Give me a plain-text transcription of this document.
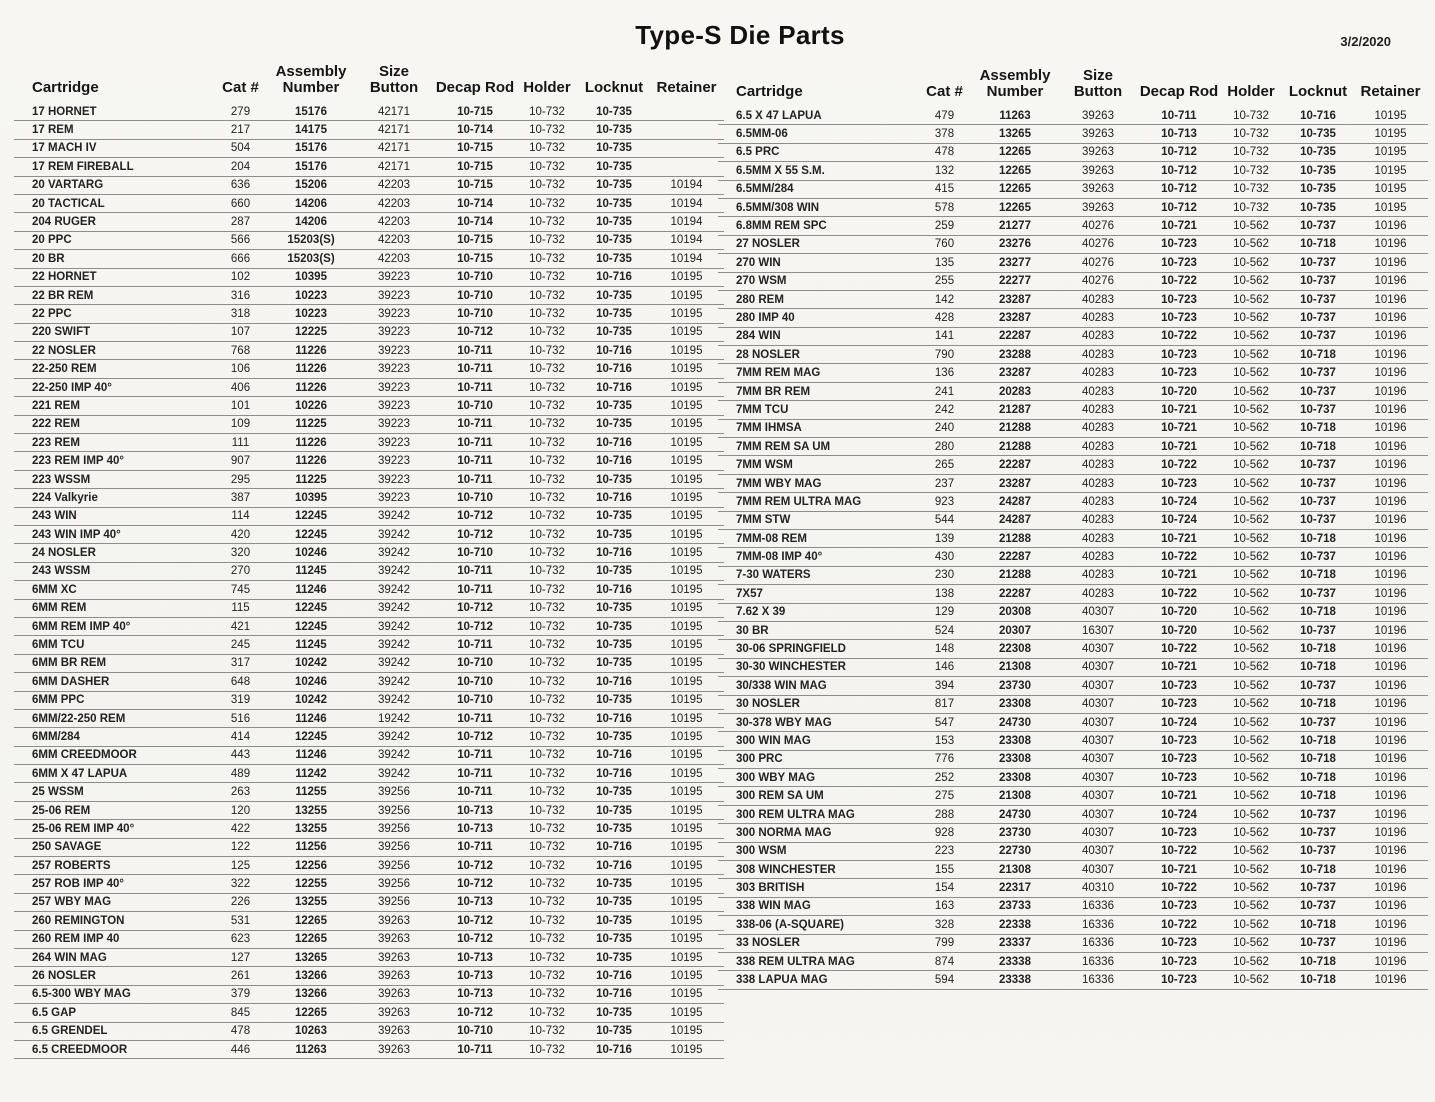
Type-S Die Parts	3/2/2020
Cartridge	Cat #	Assembly Number	Size Button	Decap Rod	Holder	Locknut	Retainer
17 HORNET	279	15176	42171	10-715	10-732	10-735	
17 REM	217	14175	42171	10-714	10-732	10-735	
17 MACH IV	504	15176	42171	10-715	10-732	10-735	
17 REM FIREBALL	204	15176	42171	10-715	10-732	10-735	
20 VARTARG	636	15206	42203	10-715	10-732	10-735	10194
20 TACTICAL	660	14206	42203	10-714	10-732	10-735	10194
204 RUGER	287	14206	42203	10-714	10-732	10-735	10194
20 PPC	566	15203(S)	42203	10-715	10-732	10-735	10194
20 BR	666	15203(S)	42203	10-715	10-732	10-735	10194
22 HORNET	102	10395	39223	10-710	10-732	10-716	10195
22 BR REM	316	10223	39223	10-710	10-732	10-735	10195
22 PPC	318	10223	39223	10-710	10-732	10-735	10195
220 SWIFT	107	12225	39223	10-712	10-732	10-735	10195
22 NOSLER	768	11226	39223	10-711	10-732	10-716	10195
22-250 REM	106	11226	39223	10-711	10-732	10-716	10195
22-250 IMP 40°	406	11226	39223	10-711	10-732	10-716	10195
221 REM	101	10226	39223	10-710	10-732	10-735	10195
222 REM	109	11225	39223	10-711	10-732	10-735	10195
223 REM	111	11226	39223	10-711	10-732	10-716	10195
223 REM IMP 40°	907	11226	39223	10-711	10-732	10-716	10195
223 WSSM	295	11225	39223	10-711	10-732	10-735	10195
224 Valkyrie	387	10395	39223	10-710	10-732	10-716	10195
243 WIN	114	12245	39242	10-712	10-732	10-735	10195
243 WIN IMP 40°	420	12245	39242	10-712	10-732	10-735	10195
24 NOSLER	320	10246	39242	10-710	10-732	10-716	10195
243 WSSM	270	11245	39242	10-711	10-732	10-735	10195
6MM XC	745	11246	39242	10-711	10-732	10-716	10195
6MM REM	115	12245	39242	10-712	10-732	10-735	10195
6MM REM IMP 40°	421	12245	39242	10-712	10-732	10-735	10195
6MM TCU	245	11245	39242	10-711	10-732	10-735	10195
6MM BR REM	317	10242	39242	10-710	10-732	10-735	10195
6MM DASHER	648	10246	39242	10-710	10-732	10-716	10195
6MM PPC	319	10242	39242	10-710	10-732	10-735	10195
6MM/22-250 REM	516	11246	19242	10-711	10-732	10-716	10195
6MM/284	414	12245	39242	10-712	10-732	10-735	10195
6MM CREEDMOOR	443	11246	39242	10-711	10-732	10-716	10195
6MM X 47 LAPUA	489	11242	39242	10-711	10-732	10-716	10195
25 WSSM	263	11255	39256	10-711	10-732	10-735	10195
25-06 REM	120	13255	39256	10-713	10-732	10-735	10195
25-06 REM IMP 40°	422	13255	39256	10-713	10-732	10-735	10195
250 SAVAGE	122	11256	39256	10-711	10-732	10-716	10195
257 ROBERTS	125	12256	39256	10-712	10-732	10-716	10195
257 ROB IMP 40°	322	12255	39256	10-712	10-732	10-735	10195
257 WBY MAG	226	13255	39256	10-713	10-732	10-735	10195
260 REMINGTON	531	12265	39263	10-712	10-732	10-735	10195
260 REM IMP 40	623	12265	39263	10-712	10-732	10-735	10195
264 WIN MAG	127	13265	39263	10-713	10-732	10-735	10195
26 NOSLER	261	13266	39263	10-713	10-732	10-716	10195
6.5-300 WBY MAG	379	13266	39263	10-713	10-732	10-716	10195
6.5 GAP	845	12265	39263	10-712	10-732	10-735	10195
6.5 GRENDEL	478	10263	39263	10-710	10-732	10-735	10195
6.5 CREEDMOOR	446	11263	39263	10-711	10-732	10-716	10195
Cartridge	Cat #	Assembly Number	Size Button	Decap Rod	Holder	Locknut	Retainer
6.5 X 47 LAPUA	479	11263	39263	10-711	10-732	10-716	10195
6.5MM-06	378	13265	39263	10-713	10-732	10-735	10195
6.5 PRC	478	12265	39263	10-712	10-732	10-735	10195
6.5MM X 55 S.M.	132	12265	39263	10-712	10-732	10-735	10195
6.5MM/284	415	12265	39263	10-712	10-732	10-735	10195
6.5MM/308 WIN	578	12265	39263	10-712	10-732	10-735	10195
6.8MM REM SPC	259	21277	40276	10-721	10-562	10-737	10196
27 NOSLER	760	23276	40276	10-723	10-562	10-718	10196
270 WIN	135	23277	40276	10-723	10-562	10-737	10196
270 WSM	255	22277	40276	10-722	10-562	10-737	10196
280 REM	142	23287	40283	10-723	10-562	10-737	10196
280 IMP 40	428	23287	40283	10-723	10-562	10-737	10196
284 WIN	141	22287	40283	10-722	10-562	10-737	10196
28 NOSLER	790	23288	40283	10-723	10-562	10-718	10196
7MM REM MAG	136	23287	40283	10-723	10-562	10-737	10196
7MM BR REM	241	20283	40283	10-720	10-562	10-737	10196
7MM TCU	242	21287	40283	10-721	10-562	10-737	10196
7MM IHMSA	240	21288	40283	10-721	10-562	10-718	10196
7MM REM SA UM	280	21288	40283	10-721	10-562	10-718	10196
7MM WSM	265	22287	40283	10-722	10-562	10-737	10196
7MM WBY MAG	237	23287	40283	10-723	10-562	10-737	10196
7MM REM ULTRA MAG	923	24287	40283	10-724	10-562	10-737	10196
7MM STW	544	24287	40283	10-724	10-562	10-737	10196
7MM-08 REM	139	21288	40283	10-721	10-562	10-718	10196
7MM-08 IMP 40°	430	22287	40283	10-722	10-562	10-737	10196
7-30 WATERS	230	21288	40283	10-721	10-562	10-718	10196
7X57	138	22287	40283	10-722	10-562	10-737	10196
7.62 X 39	129	20308	40307	10-720	10-562	10-718	10196
30 BR	524	20307	16307	10-720	10-562	10-737	10196
30-06 SPRINGFIELD	148	22308	40307	10-722	10-562	10-718	10196
30-30 WINCHESTER	146	21308	40307	10-721	10-562	10-718	10196
30/338 WIN MAG	394	23730	40307	10-723	10-562	10-737	10196
30 NOSLER	817	23308	40307	10-723	10-562	10-718	10196
30-378 WBY MAG	547	24730	40307	10-724	10-562	10-737	10196
300 WIN MAG	153	23308	40307	10-723	10-562	10-718	10196
300 PRC	776	23308	40307	10-723	10-562	10-718	10196
300 WBY MAG	252	23308	40307	10-723	10-562	10-718	10196
300 REM SA UM	275	21308	40307	10-721	10-562	10-718	10196
300 REM ULTRA MAG	288	24730	40307	10-724	10-562	10-737	10196
300 NORMA MAG	928	23730	40307	10-723	10-562	10-737	10196
300 WSM	223	22730	40307	10-722	10-562	10-737	10196
308 WINCHESTER	155	21308	40307	10-721	10-562	10-718	10196
303 BRITISH	154	22317	40310	10-722	10-562	10-737	10196
338 WIN MAG	163	23733	16336	10-723	10-562	10-737	10196
338-06 (A-SQUARE)	328	22338	16336	10-722	10-562	10-718	10196
33 NOSLER	799	23337	16336	10-723	10-562	10-737	10196
338 REM ULTRA MAG	874	23338	16336	10-723	10-562	10-718	10196
338 LAPUA MAG	594	23338	16336	10-723	10-562	10-718	10196
